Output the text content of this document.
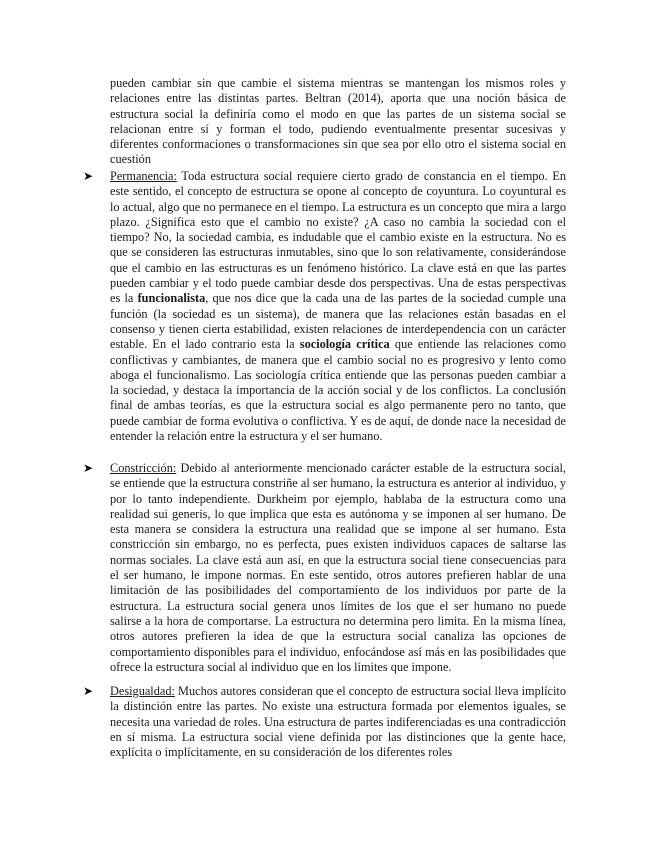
pueden cambiar sin que cambie el sistema mientras se mantengan los mismos roles y relaciones entre las distintas partes. Beltran (2014), aporta que una noción básica de estructura social la definiría como el modo en que las partes de un sistema social se relacionan entre sí y forman el todo, pudiendo eventualmente presentar sucesivas y diferentes conformaciones o transformaciones sin que sea por ello otro el sistema social en cuestión

➤ Permanencia: Toda estructura social requiere cierto grado de constancia en el tiempo. En este sentido, el concepto de estructura se opone al concepto de coyuntura. Lo coyuntural es lo actual, algo que no permanece en el tiempo. La estructura es un concepto que mira a largo plazo. ¿Significa esto que el cambio no existe? ¿A caso no cambia la sociedad con el tiempo? No, la sociedad cambia, es indudable que el cambio existe en la estructura. No es que se consideren las estructuras inmutables, sino que lo son relativamente, considerándose que el cambio en las estructuras es un fenómeno histórico. La clave está en que las partes pueden cambiar y el todo puede cambiar desde dos perspectivas. Una de estas perspectivas es la funcionalista, que nos dice que la cada una de las partes de la sociedad cumple una función (la sociedad es un sistema), de manera que las relaciones están basadas en el consenso y tienen cierta estabilidad, existen relaciones de interdependencia con un carácter estable. En el lado contrario esta la sociología crítica que entiende las relaciones como conflictivas y cambiantes, de manera que el cambio social no es progresivo y lento como aboga el funcionalismo. Las sociología crítica entiende que las personas pueden cambiar a la sociedad, y destaca la importancia de la acción social y de los conflictos. La conclusión final de ambas teorías, es que la estructura social es algo permanente pero no tanto, que puede cambiar de forma evolutiva o conflictiva. Y es de aquí, de donde nace la necesidad de entender la relación entre la estructura y el ser humano.
➤ Constricción: Debido al anteriormente mencionado carácter estable de la estructura social, se entiende que la estructura constriñe al ser humano, la estructura es anterior al individuo, y por lo tanto independiente. Durkheim por ejemplo, hablaba de la estructura como una realidad sui generis, lo que implica que esta es autónoma y se imponen al ser humano. De esta manera se considera la estructura una realidad que se impone al ser humano. Esta constricción sin embargo, no es perfecta, pues existen individuos capaces de saltarse las normas sociales. La clave está aun así, en que la estructura social tiene consecuencias para el ser humano, le impone normas. En este sentido, otros autores prefieren hablar de una limitación de las posibilidades del comportamiento de los individuos por parte de la estructura. La estructura social genera unos límites de los que el ser humano no puede salirse a la hora de comportarse. La estructura no determina pero limita. En la misma línea, otros autores prefieren la idea de que la estructura social canaliza las opciones de comportamiento disponibles para el individuo, enfocándose así más en las posibilidades que ofrece la estructura social al individuo que en los límites que impone.
➤ Desigualdad: Muchos autores consideran que el concepto de estructura social lleva implícito la distinción entre las partes. No existe una estructura formada por elementos iguales, se necesita una variedad de roles. Una estructura de partes indiferenciadas es una contradicción en sí misma. La estructura social viene definida por las distinciones que la gente hace, explícita o implícitamente, en su consideración de los diferentes roles
